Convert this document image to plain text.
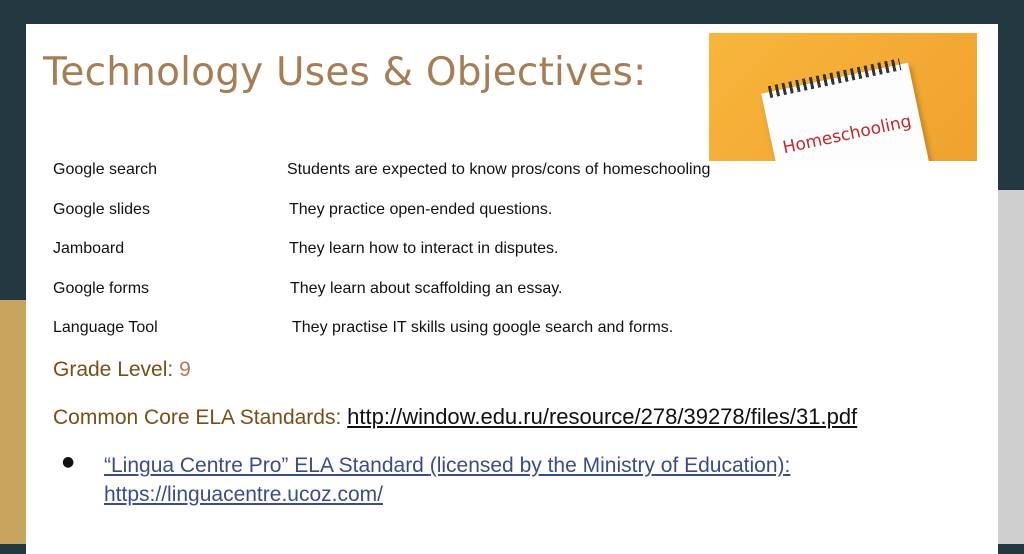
Technology Uses & Objectives:
Homeschooling
Google search	Students are expected to know pros/cons of homeschooling
Google slides	They practice open-ended questions.
Jamboard	They learn how to interact in disputes.
Google forms	They learn about scaffolding an essay.
Language Tool	They practise IT skills using google search and forms.
Grade Level: 9
Common Core ELA Standards: http://window.edu.ru/resource/278/39278/files/31.pdf
● “Lingua Centre Pro” ELA Standard (licensed by the Ministry of Education):
https://linguacentre.ucoz.com/
